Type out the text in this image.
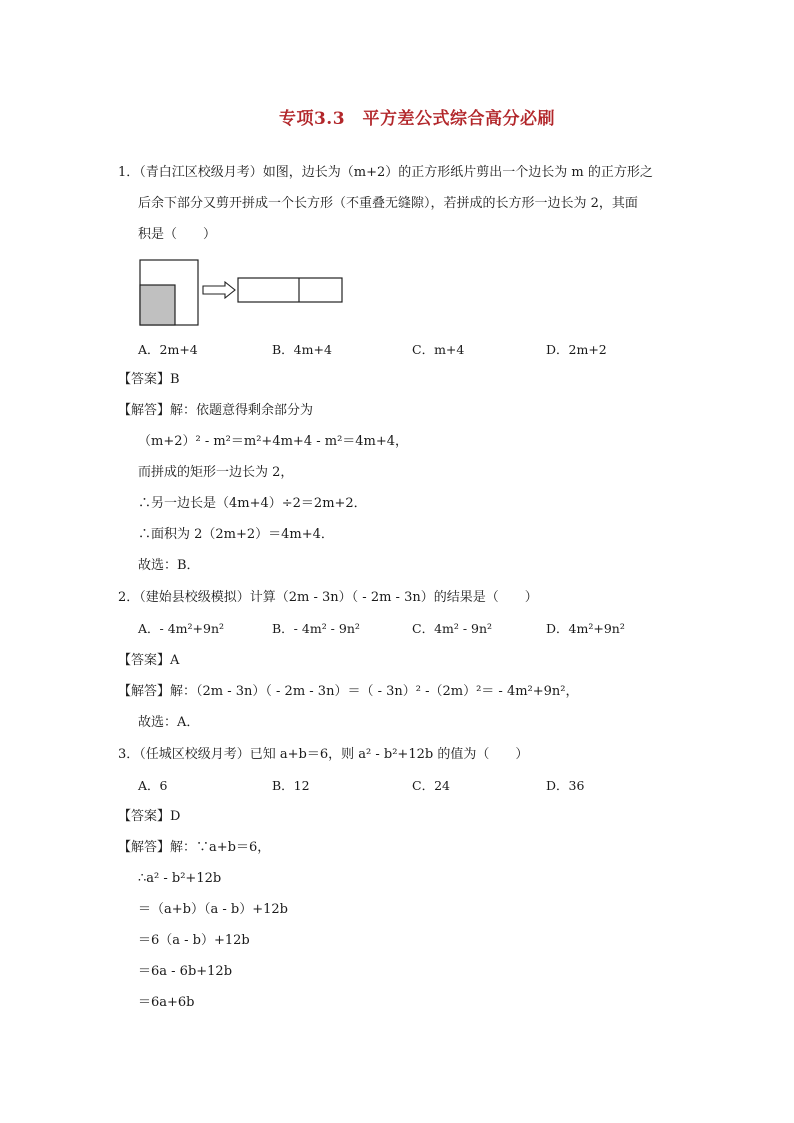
专项3.3　平方差公式综合高分必刷
1．（青白江区校级月考）如图，边长为（m+2）的正方形纸片剪出一个边长为 m 的正方形之
后余下部分又剪开拼成一个长方形（不重叠无缝隙），若拼成的长方形一边长为 2，其面
积是（　　）
A．2m+4	B．4m+4	C．m+4	D．2m+2
【答案】B
【解答】解：依题意得剩余部分为
（m+2）² - m²＝m²+4m+4 - m²＝4m+4，
而拼成的矩形一边长为 2，
∴另一边长是（4m+4）÷2＝2m+2．
∴面积为 2（2m+2）＝4m+4．
故选：B．
2．（建始县校级模拟）计算（2m - 3n）（ - 2m - 3n）的结果是（　　）
A．- 4m²+9n²	B．- 4m² - 9n²	C．4m² - 9n²	D．4m²+9n²
【答案】A
【解答】解：（2m - 3n）（ - 2m - 3n）＝（ - 3n）² -（2m）²＝ - 4m²+9n²，
故选：A．
3．（任城区校级月考）已知 a+b＝6，则 a² - b²+12b 的值为（　　）
A．6	B．12	C．24	D．36
【答案】D
【解答】解：∵a+b＝6，
∴a² - b²+12b
＝（a+b）（a - b）+12b
＝6（a - b）+12b
＝6a - 6b+12b
＝6a+6b
